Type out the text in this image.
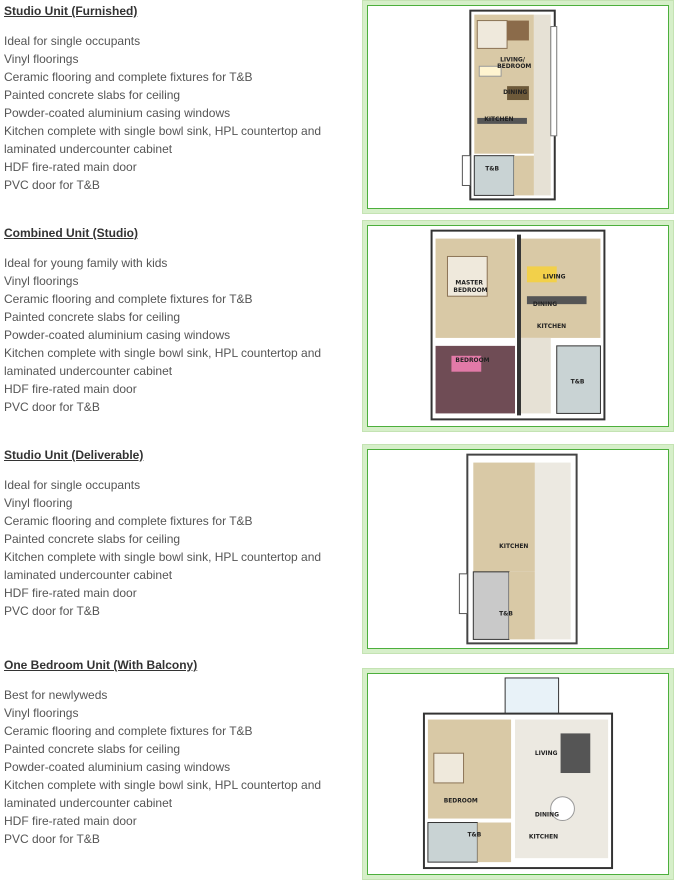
Studio Unit (Furnished)

Ideal for single occupants
Vinyl floorings
Ceramic flooring and complete fixtures for T&B
Painted concrete slabs for ceiling
Powder-coated aluminium casing windows
Kitchen complete with single bowl sink, HPL countertop and
laminated undercounter cabinet
HDF fire-rated main door
PVC door for T&B
LIVING/
BEDROOM
DINING
KITCHEN
T&B

Combined Unit (Studio)

Ideal for young family with kids
Vinyl floorings
Ceramic flooring and complete fixtures for T&B
Painted concrete slabs for ceiling
Powder-coated aluminium casing windows
Kitchen complete with single bowl sink, HPL countertop and
laminated undercounter cabinet
HDF fire-rated main door
PVC door for T&B
MASTER
BEDROOM
LIVING
DINING
KITCHEN
BEDROOM
T&B

Studio Unit (Deliverable)

Ideal for single occupants
Vinyl flooring
Ceramic flooring and complete fixtures for T&B
Painted concrete slabs for ceiling
Kitchen complete with single bowl sink, HPL countertop and
laminated undercounter cabinet
HDF fire-rated main door
PVC door for T&B
KITCHEN
T&B

One Bedroom Unit (With Balcony)

Best for newlyweds
Vinyl floorings
Ceramic flooring and complete fixtures for T&B
Painted concrete slabs for ceiling
Powder-coated aluminium casing windows
Kitchen complete with single bowl sink, HPL countertop and
laminated undercounter cabinet
HDF fire-rated main door
PVC door for T&B
LIVING
BEDROOM
DINING
T&B	KITCHEN
